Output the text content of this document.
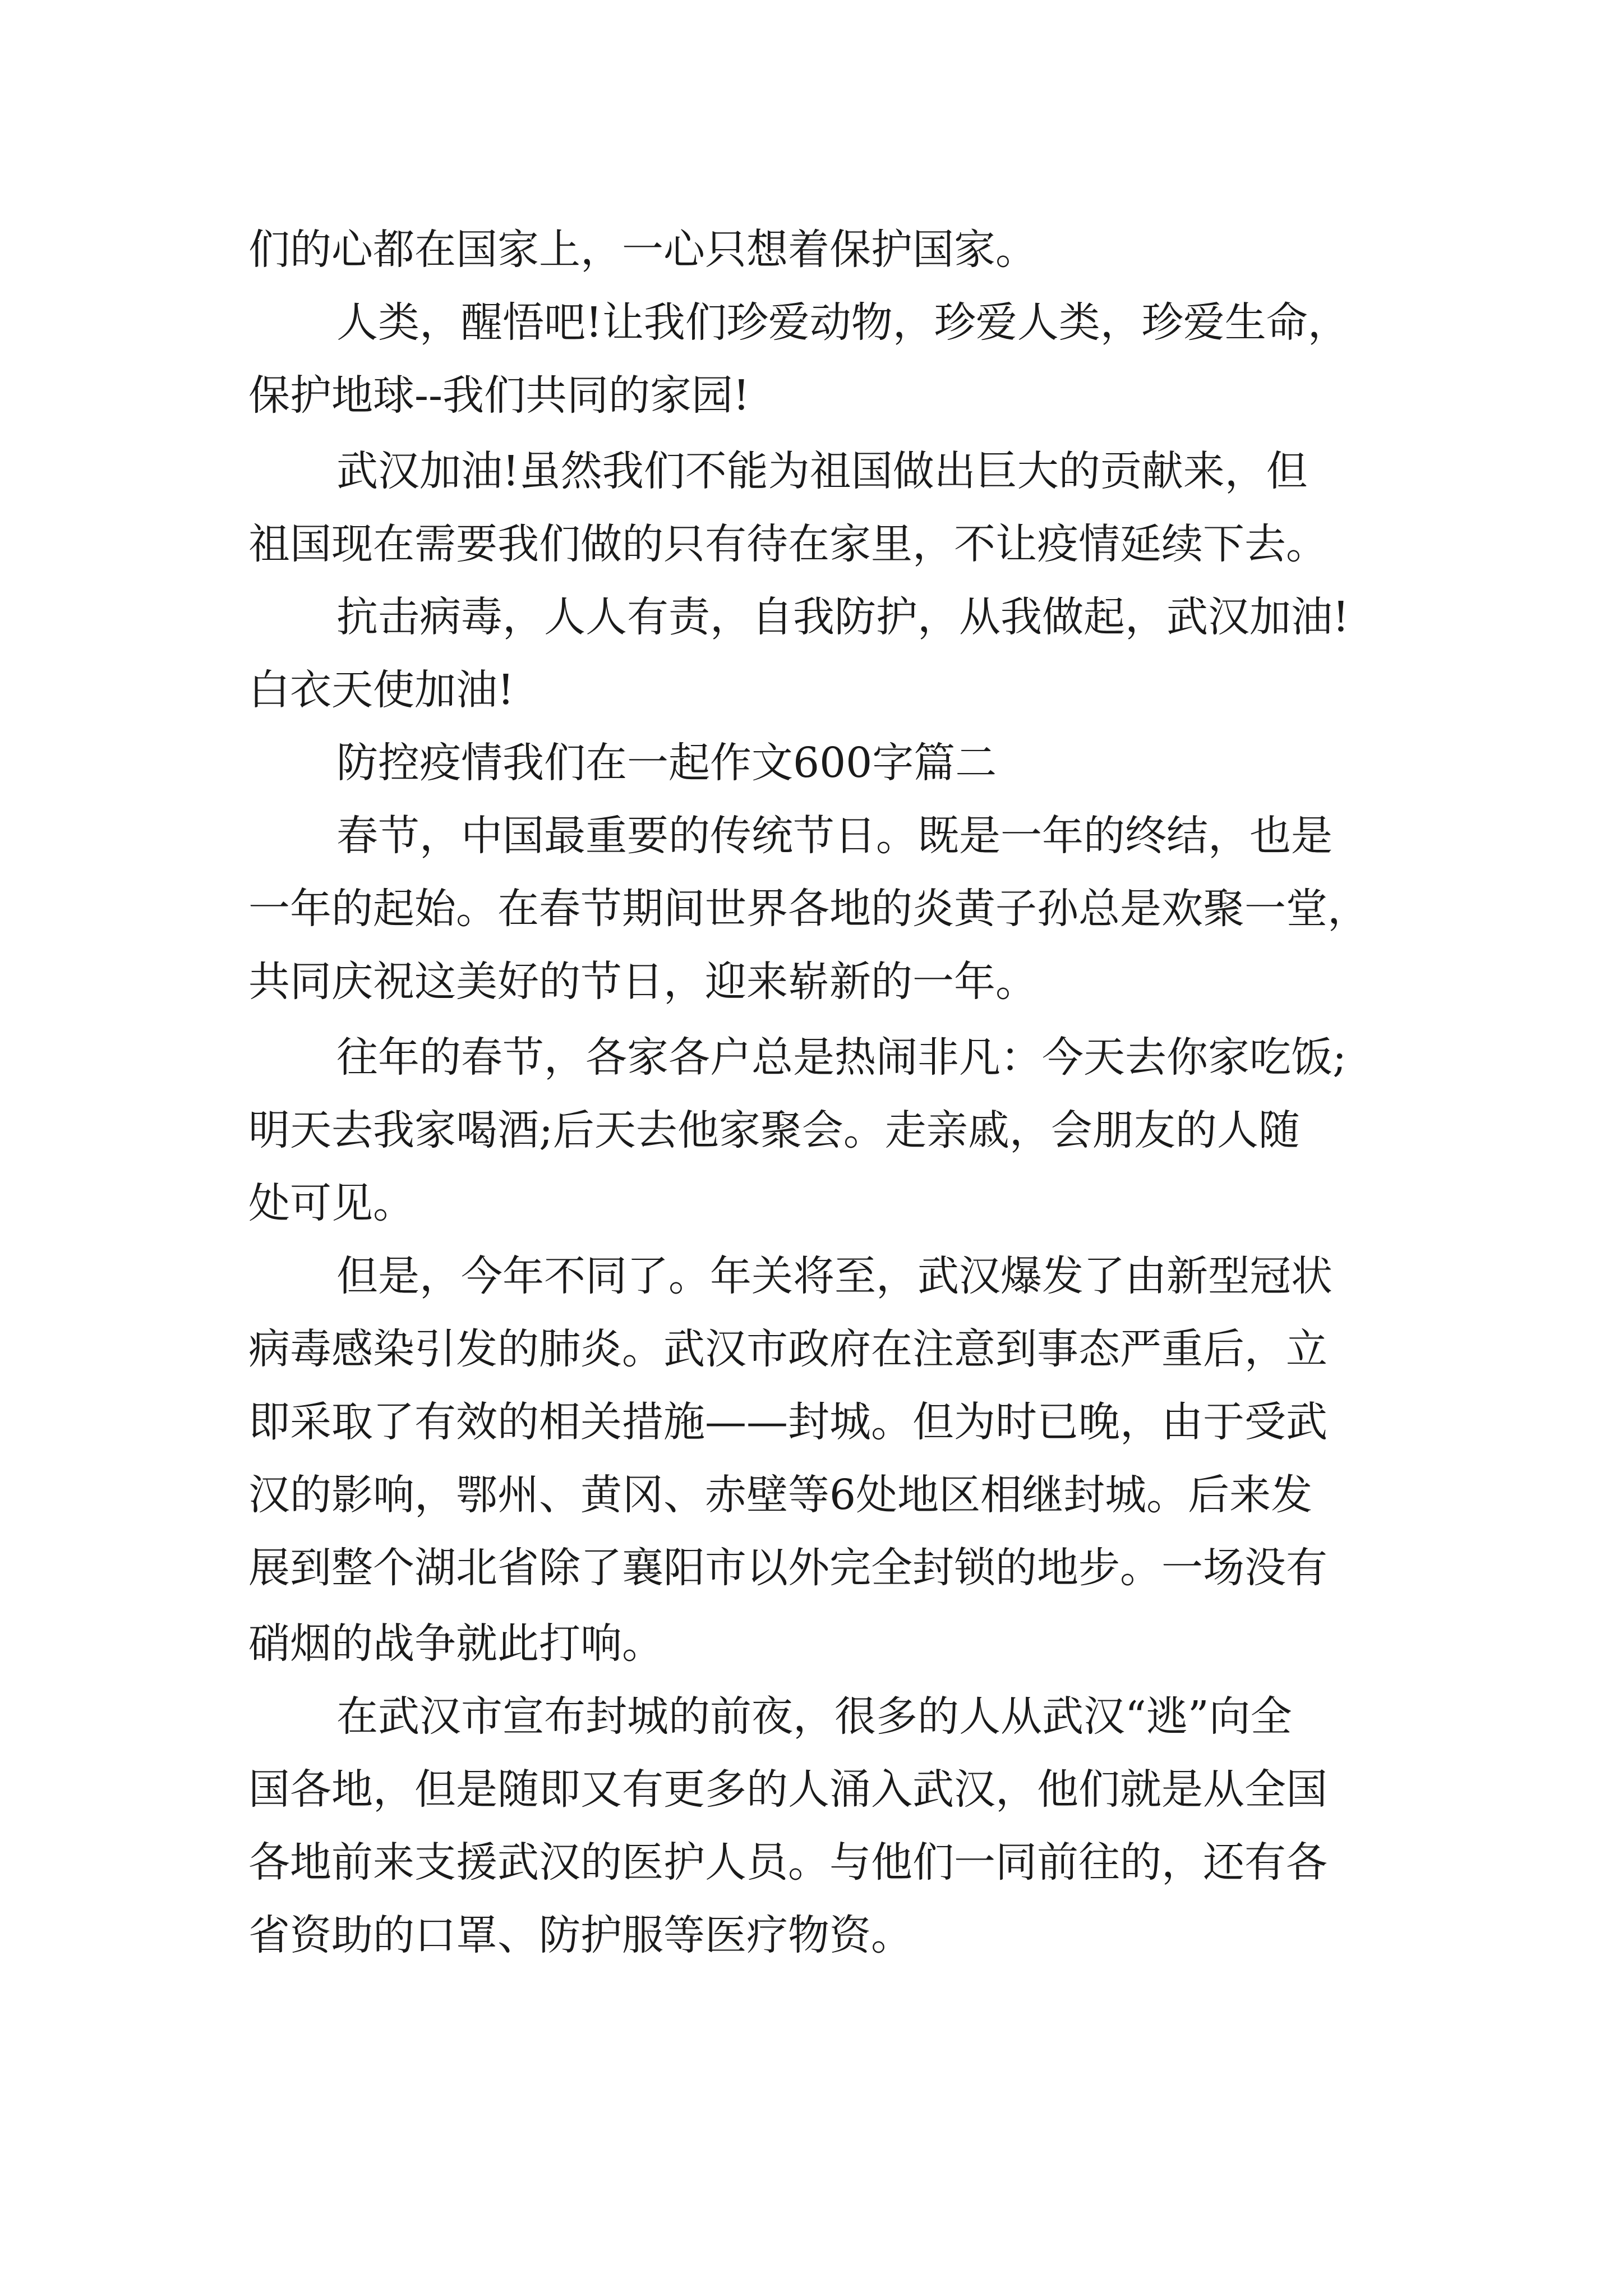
们的心都在国家上，一心只想着保护国家。

人类，醒悟吧!让我们珍爱动物，珍爱人类，珍爱生命，

保护地球--我们共同的家园!

武汉加油!虽然我们不能为祖国做出巨大的贡献来，但

祖国现在需要我们做的只有待在家里，不让疫情延续下去。

抗击病毒，人人有责，自我防护，从我做起，武汉加油!

白衣天使加油!

防控疫情我们在一起作文600字篇二

春节，中国最重要的传统节日。既是一年的终结，也是

一年的起始。在春节期间世界各地的炎黄子孙总是欢聚一堂，

共同庆祝这美好的节日，迎来崭新的一年。

往年的春节，各家各户总是热闹非凡：今天去你家吃饭;

明天去我家喝酒;后天去他家聚会。走亲戚，会朋友的人随

处可见。

但是，今年不同了。年关将至，武汉爆发了由新型冠状

病毒感染引发的肺炎。武汉市政府在注意到事态严重后，立

即采取了有效的相关措施——封城。但为时已晚，由于受武

汉的影响，鄂州、黄冈、赤壁等6处地区相继封城。后来发

展到整个湖北省除了襄阳市以外完全封锁的地步。一场没有

硝烟的战争就此打响。

在武汉市宣布封城的前夜，很多的人从武汉“逃”向全

国各地，但是随即又有更多的人涌入武汉，他们就是从全国

各地前来支援武汉的医护人员。与他们一同前往的，还有各

省资助的口罩、防护服等医疗物资。
